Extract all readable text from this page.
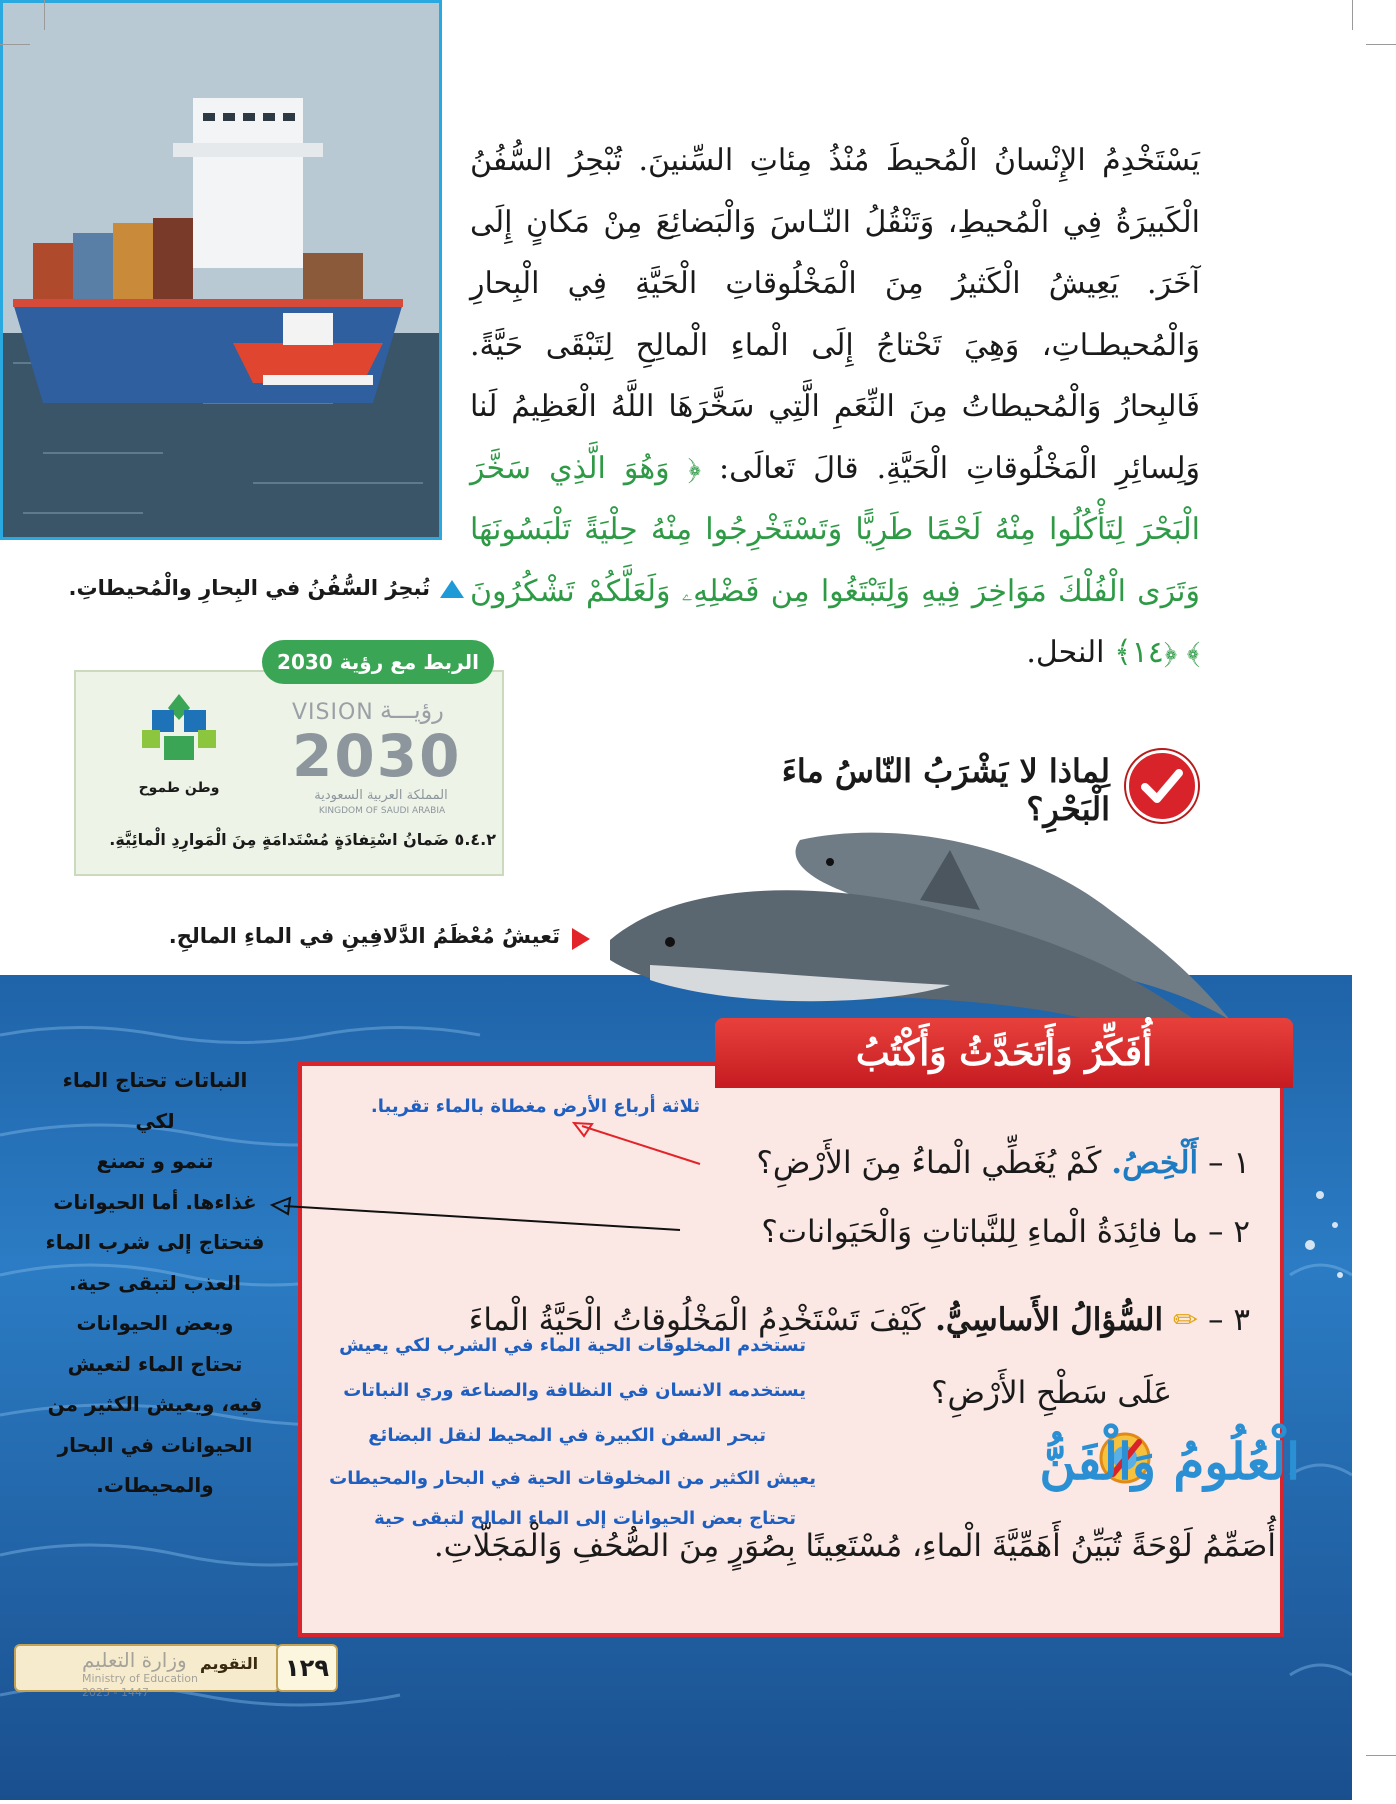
تُبحِرُ السُّفُنُ في البِحارِ والْمُحيطاتِ.
يَسْتَخْدِمُ الإِنْسانُ الْمُحيطَ مُنْذُ مِئاتِ السِّنينَ. تُبْحِرُ السُّفُنُ الْكَبيرَةُ فِي الْمُحيطِ، وَتَنْقُلُ النّـاسَ وَالْبَضائِعَ مِنْ مَكانٍ إِلَى آخَرَ. يَعِيشُ الْكَثيرُ مِنَ الْمَخْلُوقاتِ الْحَيَّةِ فِي الْبِحارِ وَالْمُحيطـاتِ، وَهِيَ تَحْتاجُ إِلَى الْماءِ الْمالِحِ لِتَبْقَى حَيَّةً. فَالبِحارُ وَالْمُحيطاتُ مِنَ النِّعَمِ الَّتِي سَخَّرَهَا اللَّهُ الْعَظِيمُ لَنا وَلِسائِرِ الْمَخْلُوقاتِ الْحَيَّةِ. قالَ تَعالَى: ﴿ وَهُوَ الَّذِي سَخَّرَ الْبَحْرَ لِتَأْكُلُوا مِنْهُ لَحْمًا طَرِيًّا وَتَسْتَخْرِجُوا مِنْهُ حِلْيَةً تَلْبَسُونَهَا وَتَرَى الْفُلْكَ مَوَاخِرَ فِيهِ وَلِتَبْتَغُوا مِن فَضْلِهِۦ وَلَعَلَّكُمْ تَشْكُرُونَ ﴾ ﴿١٤﴾ النحل.
الربط مع رؤية 2030
وطن طموح
VISION رؤيـــة
2030
المملكة العربية السعودية
KINGDOM OF SAUDI ARABIA
٥.٤.٢ ضَمانُ اسْتِفادَةٍ مُسْتَدامَةٍ مِنَ الْمَوارِدِ الْمائِيَّةِ.
لِماذا لا يَشْرَبُ النّاسُ ماءَ الْبَحْرِ؟
تَعيشُ مُعْظَمُ الدَّلافِينِ في الماءِ المالحِ.
أُفَكِّرُ وَأَتَحَدَّثُ وَأَكْتُبُ
ثلاثة أرباع الأرض مغطاة بالماء تقريبا.
١ – أَلْخِصُ. كَمْ يُغَطِّي الْماءُ مِنَ الأَرْضِ؟
٢ – ما فائِدَةُ الْماءِ لِلنَّباتاتِ وَالْحَيَوانات؟
٣ – ✏ السُّؤالُ الأَساسِيُّ. كَيْفَ تَسْتَخْدِمُ الْمَخْلُوقاتُ الْحَيَّةُ الْماءَ
عَلَى سَطْحِ الأَرْضِ؟
تستخدم المخلوقات الحية الماء في الشرب لكي يعيش
يستخدمه الانسان في النظافة والصناعة وري النباتات
تبحر السفن الكبيرة في المحيط لنقل البضائع
يعيش الكثير من المخلوقات الحية في البحار والمحيطات
تحتاج بعض الحيوانات إلى الماء المالح لتبقى حية
الْعُلُومُ وَالْفَنُّ
أُصَمِّمُ لَوْحَةً تُبَيِّنُ أَهَمِّيَّةَ الْماءِ، مُسْتَعِينًا بِصُوَرٍ مِنَ الصُّحُفِ وَالْمَجَلّاتِ.
النباتات تحتاج الماء لكي
تنمو و تصنع
غذاءها. أما الحيوانات
فتحتاج إلى شرب الماء
العذب لتبقى حية.
وبعض الحيوانات
تحتاج الماء لتعيش
فيه، ويعيش الكثير من
الحيوانات في البحار
والمحيطات.
التقويم
وزارة التعليم
Ministry of Education
2025 - 1447
١٢٩
